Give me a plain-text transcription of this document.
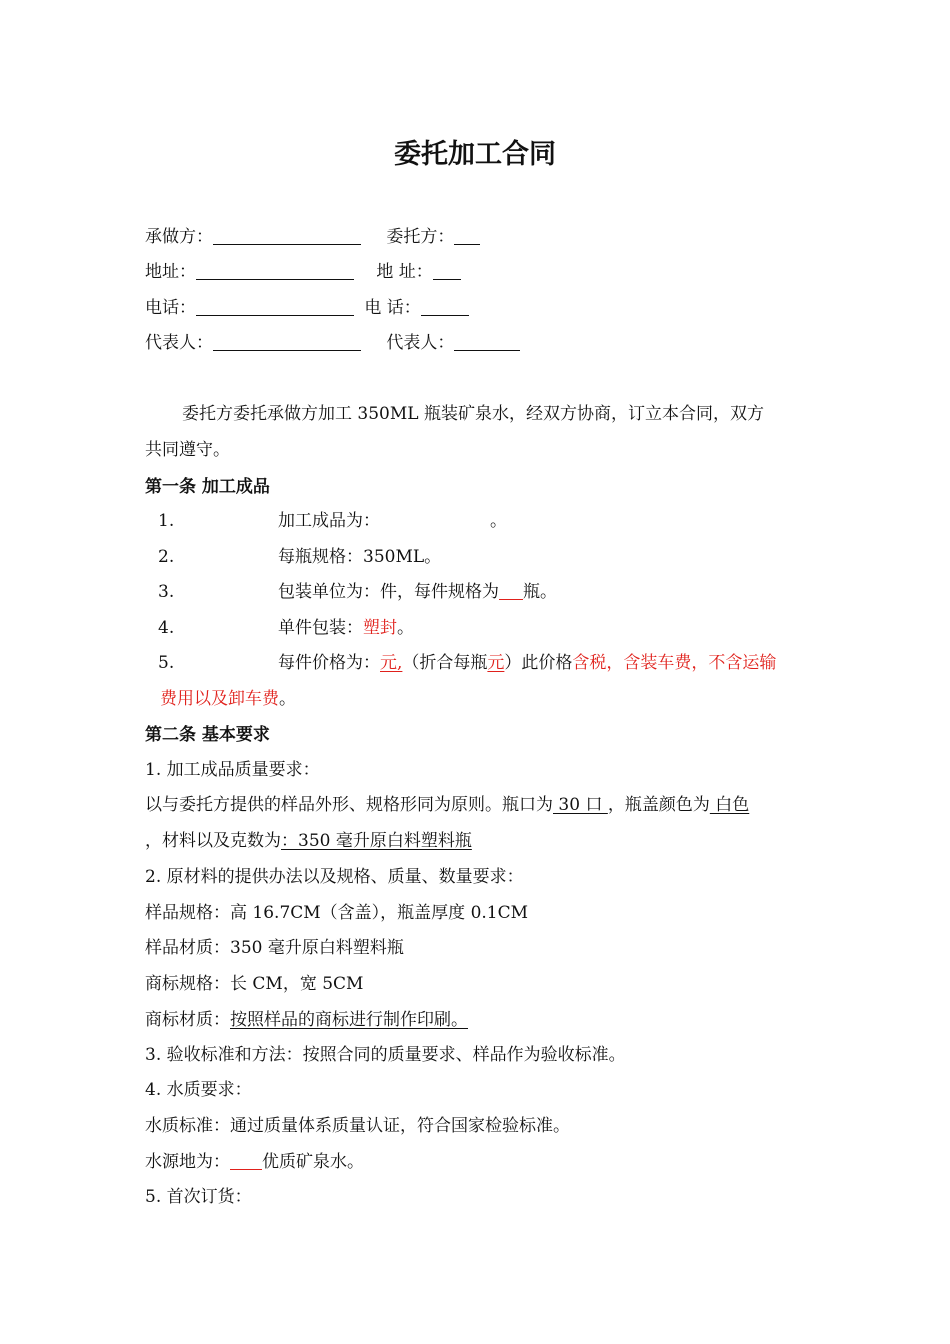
委托加工合同
承做方：	委托方：
地址：	地 址：
电话：	电 话：
代表人：	代表人：
委托方委托承做方加工 350ML 瓶装矿泉水，经双方协商，订立本合同，双方
共同遵守。
第一条 加工成品
1.	加工成品为：	。
2.	每瓶规格：350ML。
3.	包装单位为：件，每件规格为 瓶。
4.	单件包装：塑封。
5.	每件价格为：元,（折合每瓶元）此价格含税，含装车费，不含运输
费用以及卸车费。
第二条 基本要求
1. 加工成品质量要求：
以与委托方提供的样品外形、规格形同为原则。瓶口为 30 口 ，瓶盖颜色为 白色
，材料以及克数为：350 毫升原白料塑料瓶
2. 原材料的提供办法以及规格、质量、数量要求：
样品规格：高 16.7CM（含盖），瓶盖厚度 0.1CM
样品材质：350 毫升原白料塑料瓶
商标规格：长 CM，宽 5CM
商标材质：按照样品的商标进行制作印刷。
3. 验收标准和方法：按照合同的质量要求、样品作为验收标准。
4. 水质要求：
水质标准：通过质量体系质量认证，符合国家检验标准。
水源地为： 优质矿泉水。
5. 首次订货：
